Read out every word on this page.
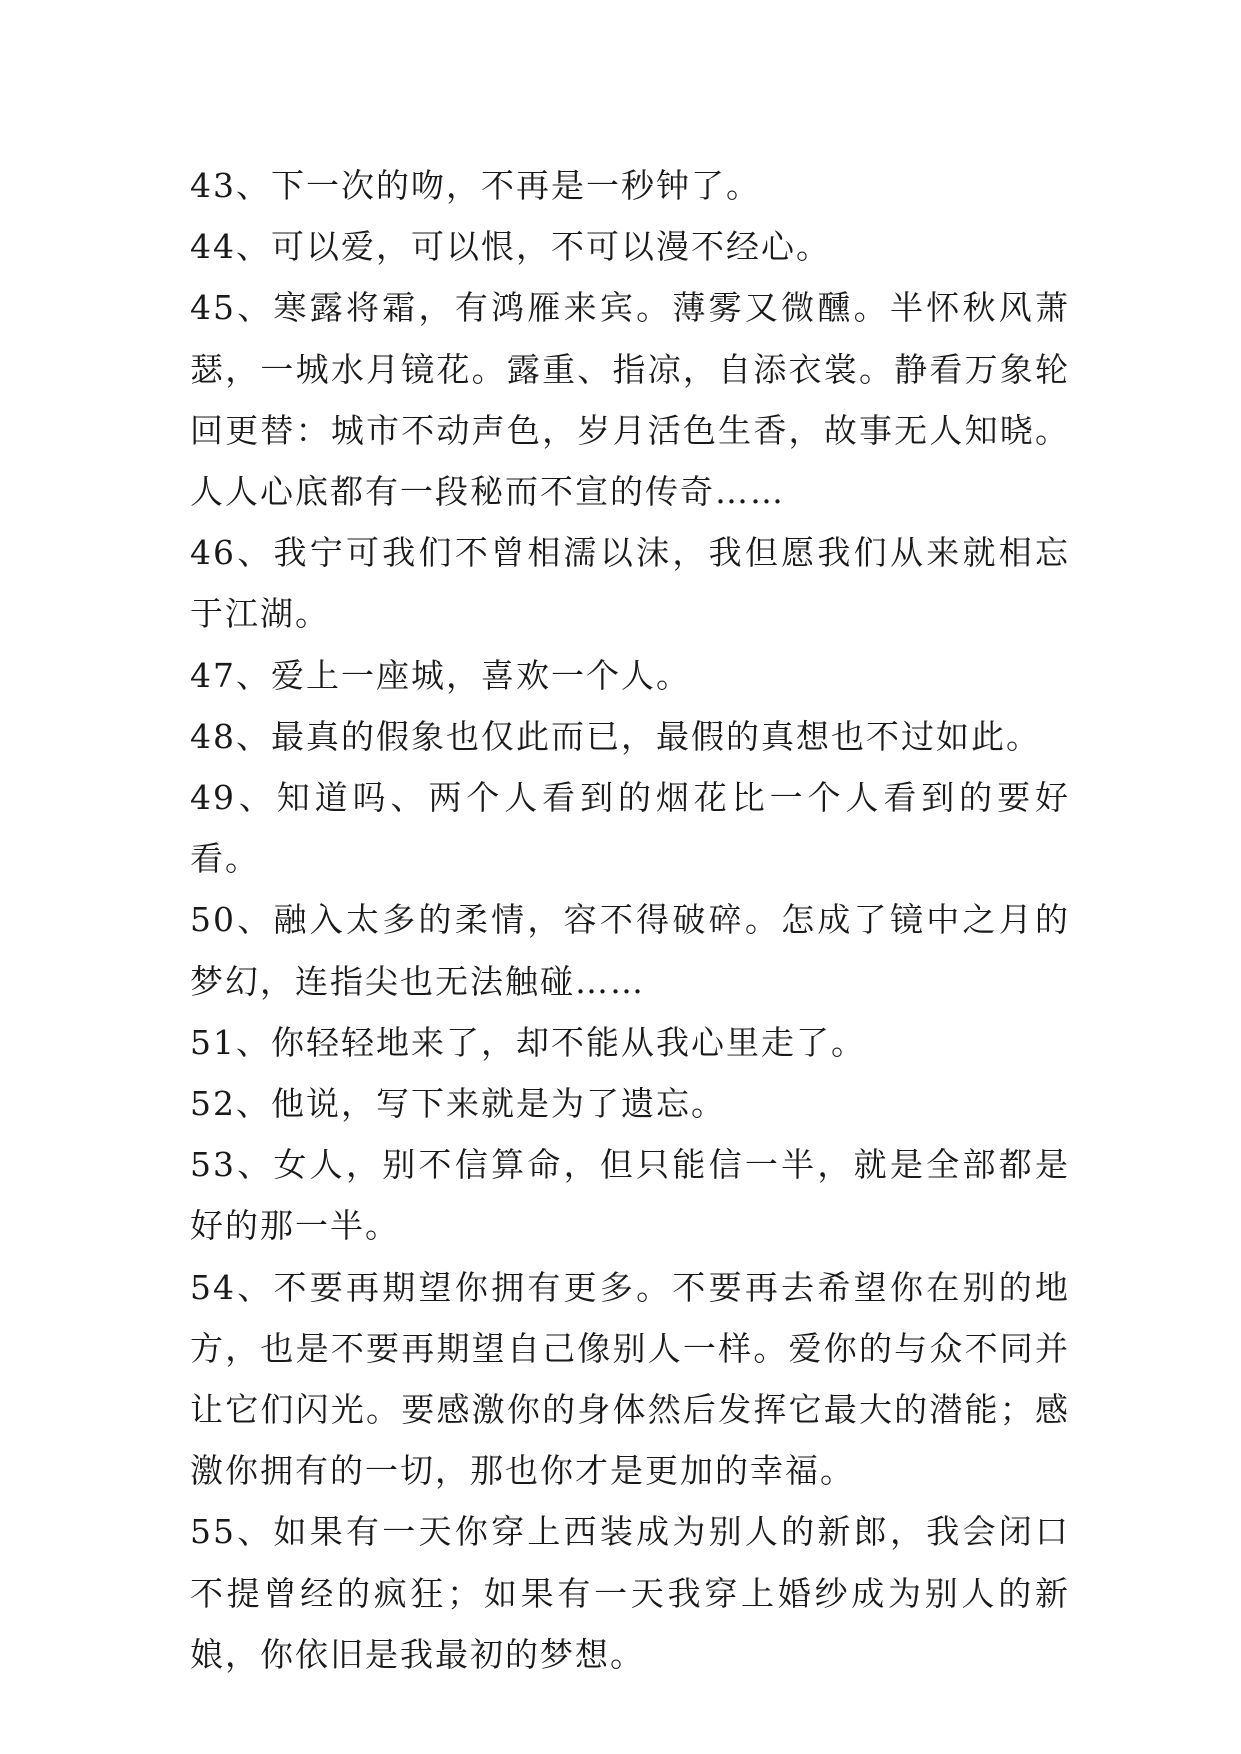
43、下一次的吻，不再是一秒钟了。

44、可以爱，可以恨，不可以漫不经心。

45、寒露将霜，有鸿雁来宾。薄雾又微醺。半怀秋风萧瑟，一城水月镜花。露重、指凉，自添衣裳。静看万象轮回更替：城市不动声色，岁月活色生香，故事无人知晓。人人心底都有一段秘而不宣的传奇……

46、我宁可我们不曾相濡以沫，我但愿我们从来就相忘于江湖。

47、爱上一座城，喜欢一个人。

48、最真的假象也仅此而已，最假的真想也不过如此。

49、知道吗、两个人看到的烟花比一个人看到的要好看。

50、融入太多的柔情，容不得破碎。怎成了镜中之月的梦幻，连指尖也无法触碰……

51、你轻轻地来了，却不能从我心里走了。

52、他说，写下来就是为了遗忘。

53、女人，别不信算命，但只能信一半，就是全部都是好的那一半。

54、不要再期望你拥有更多。不要再去希望你在别的地方，也是不要再期望自己像别人一样。爱你的与众不同并让它们闪光。要感激你的身体然后发挥它最大的潜能；感激你拥有的一切，那也你才是更加的幸福。

55、如果有一天你穿上西装成为别人的新郎，我会闭口不提曾经的疯狂；如果有一天我穿上婚纱成为别人的新娘，你依旧是我最初的梦想。
